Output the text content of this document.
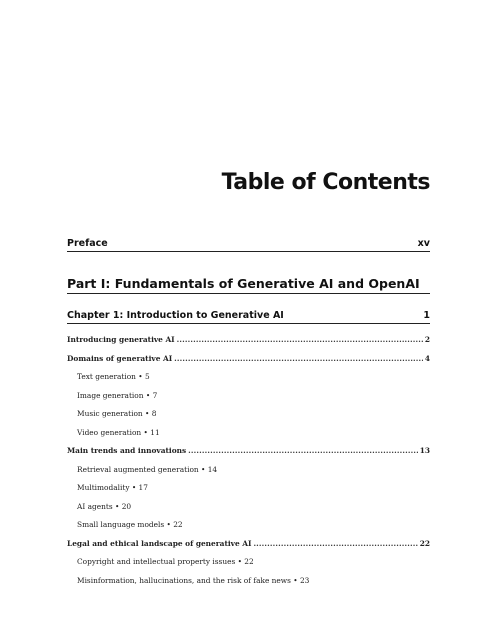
Table of Contents
Preface	xv
Part I: Fundamentals of Generative AI and OpenAI
Chapter 1: Introduction to Generative AI	1
Introducing generative AI . . .	2
Domains of generative AI . . .	4
Text generation • 5
Image generation • 7
Music generation • 8
Video generation • 11
Main trends and innovations . . .	13
Retrieval augmented generation • 14
Multimodality • 17
AI agents • 20
Small language models • 22
Legal and ethical landscape of generative AI . . .	22
Copyright and intellectual property issues • 22
Misinformation, hallucinations, and the risk of fake news • 23
